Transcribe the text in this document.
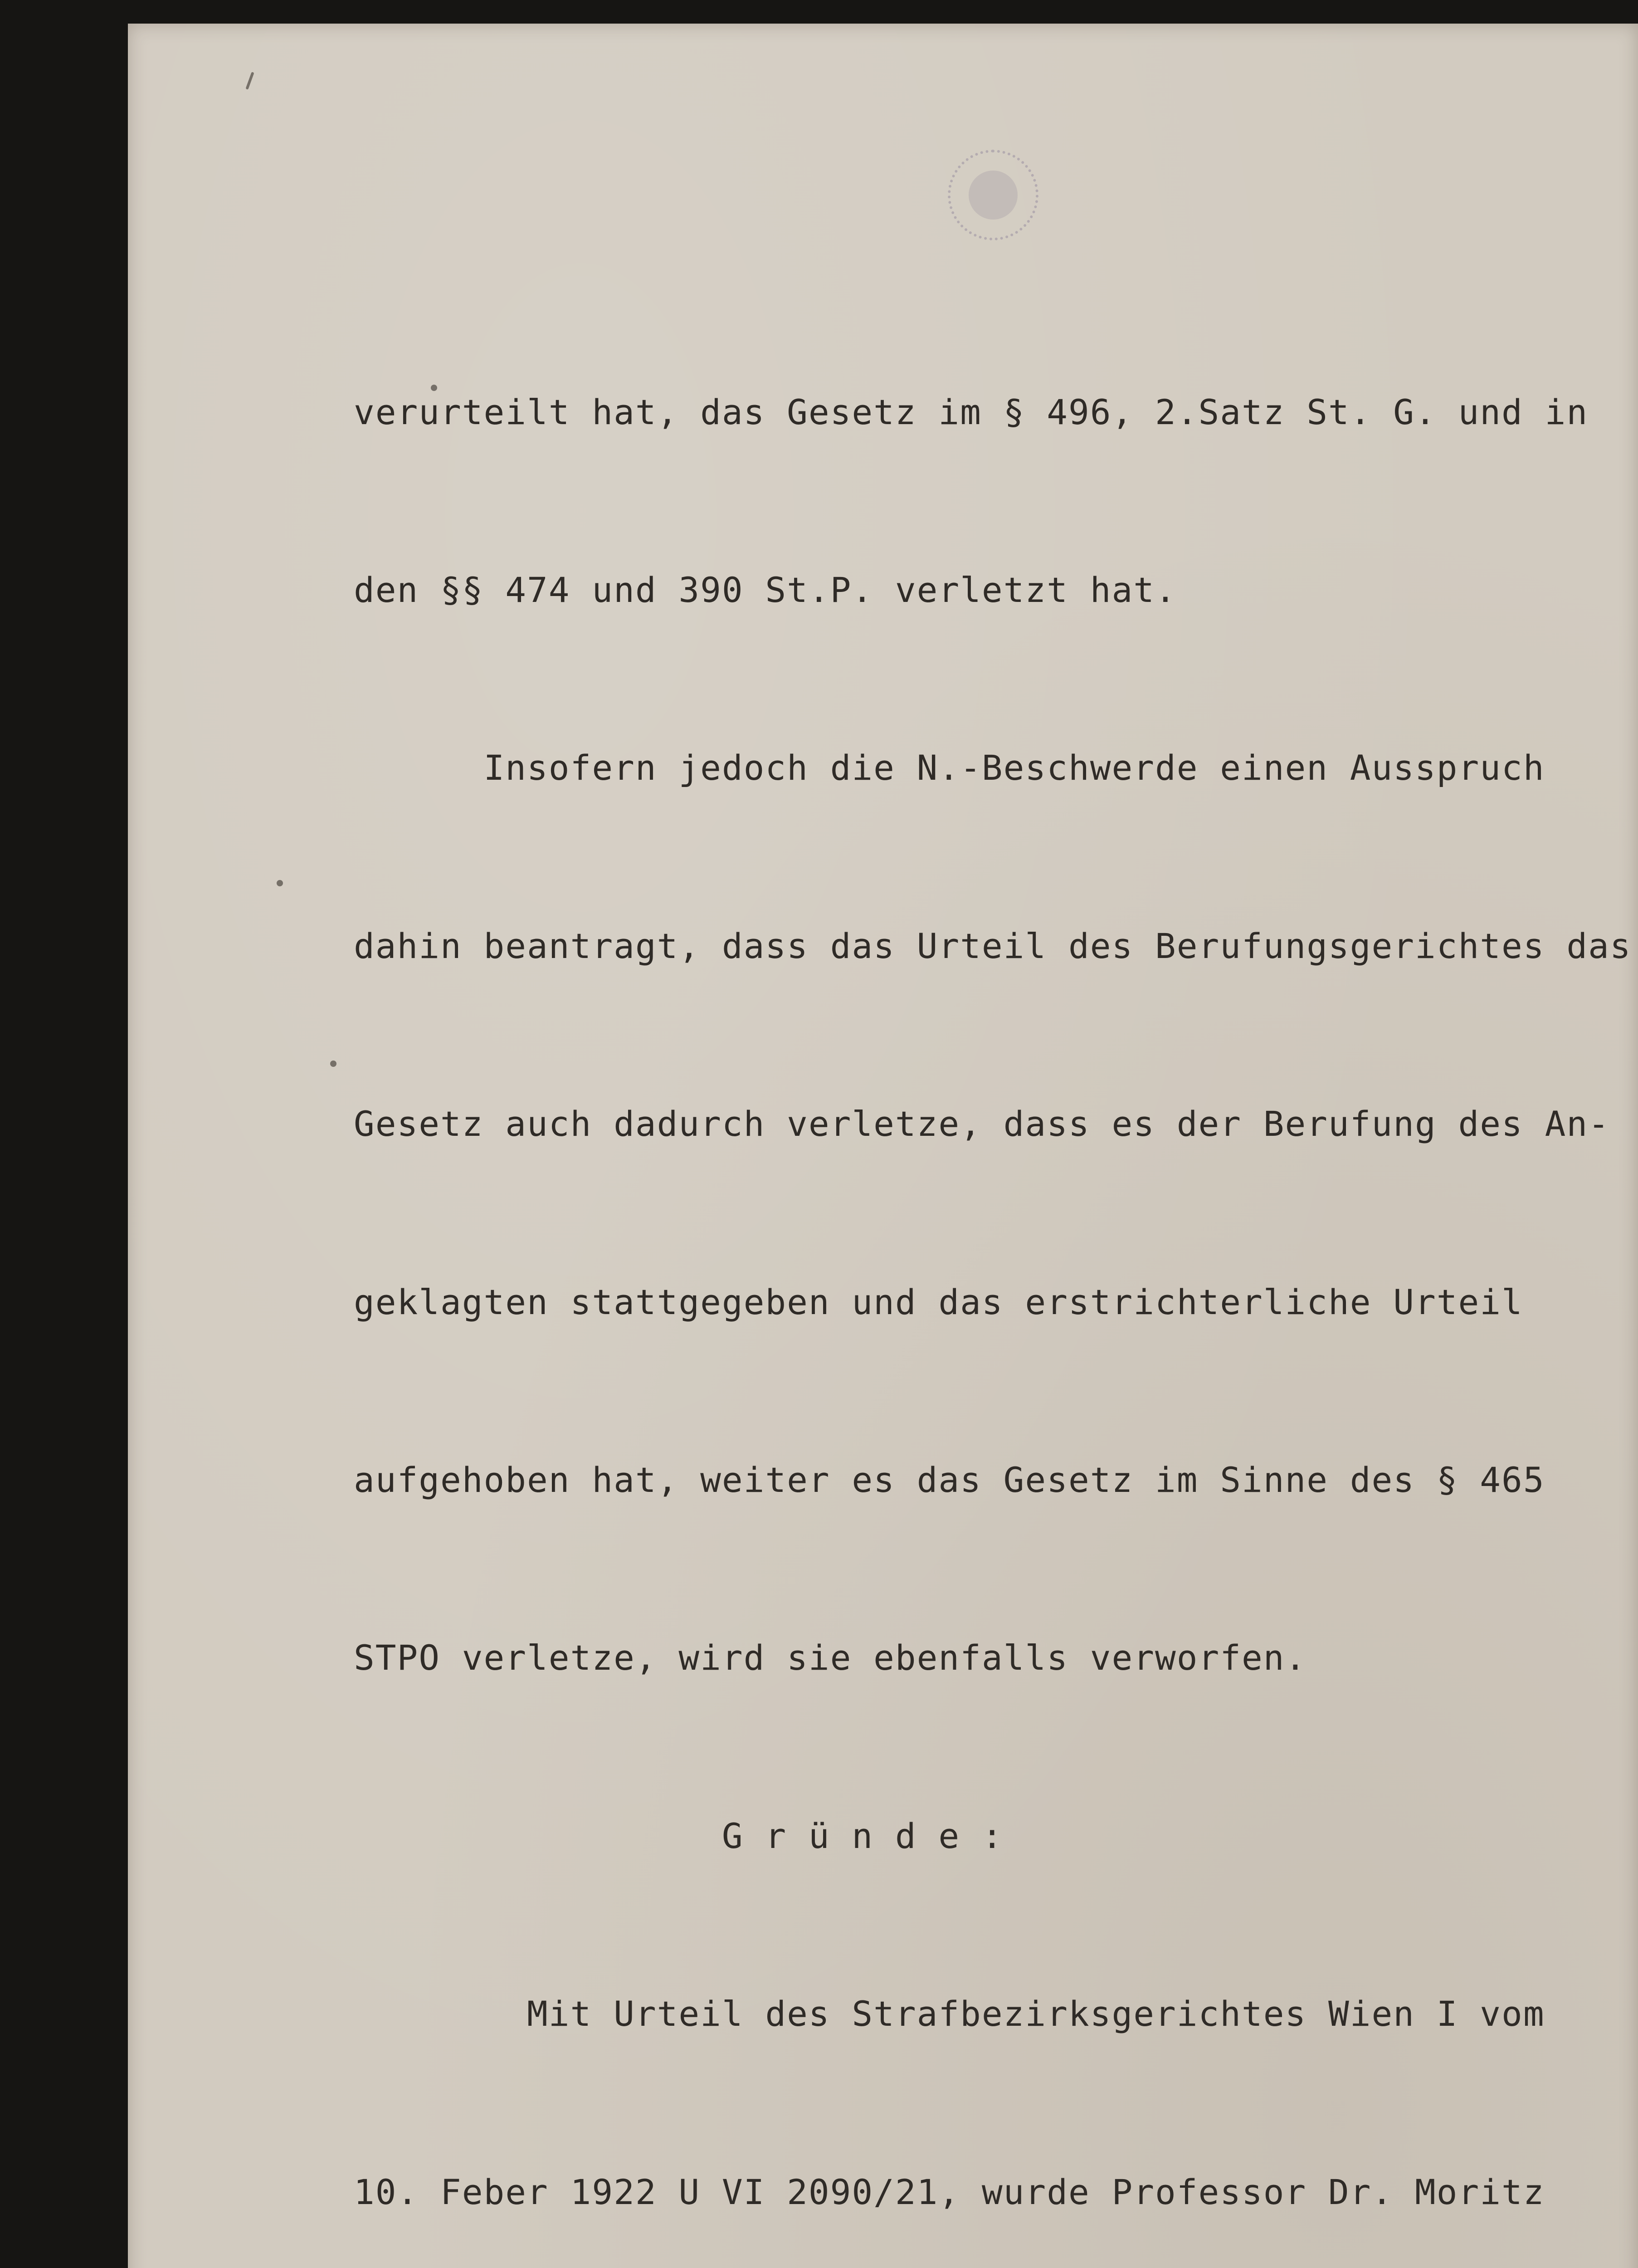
verurteilt hat, das Gesetz im § 496, 2.Satz St. G. und in

den §§ 474 und 390 St.P. verletzt hat.

Insofern jedoch die N.-Beschwerde einen Ausspruch

dahin beantragt, dass das Urteil des Berufungsgerichtes das

Gesetz auch dadurch verletze, dass es der Berufung des An-

geklagten stattgegeben und das erstrichterliche Urteil

aufgehoben hat, weiter es das Gesetz im Sinne des § 465

STPO verletze, wird sie ebenfalls verworfen.

G r ü n d e :

Mit Urteil des Strafbezirksgerichtes Wien I vom

10. Feber 1922 U VI 2090/21, wurde Professor Dr. Moritz
